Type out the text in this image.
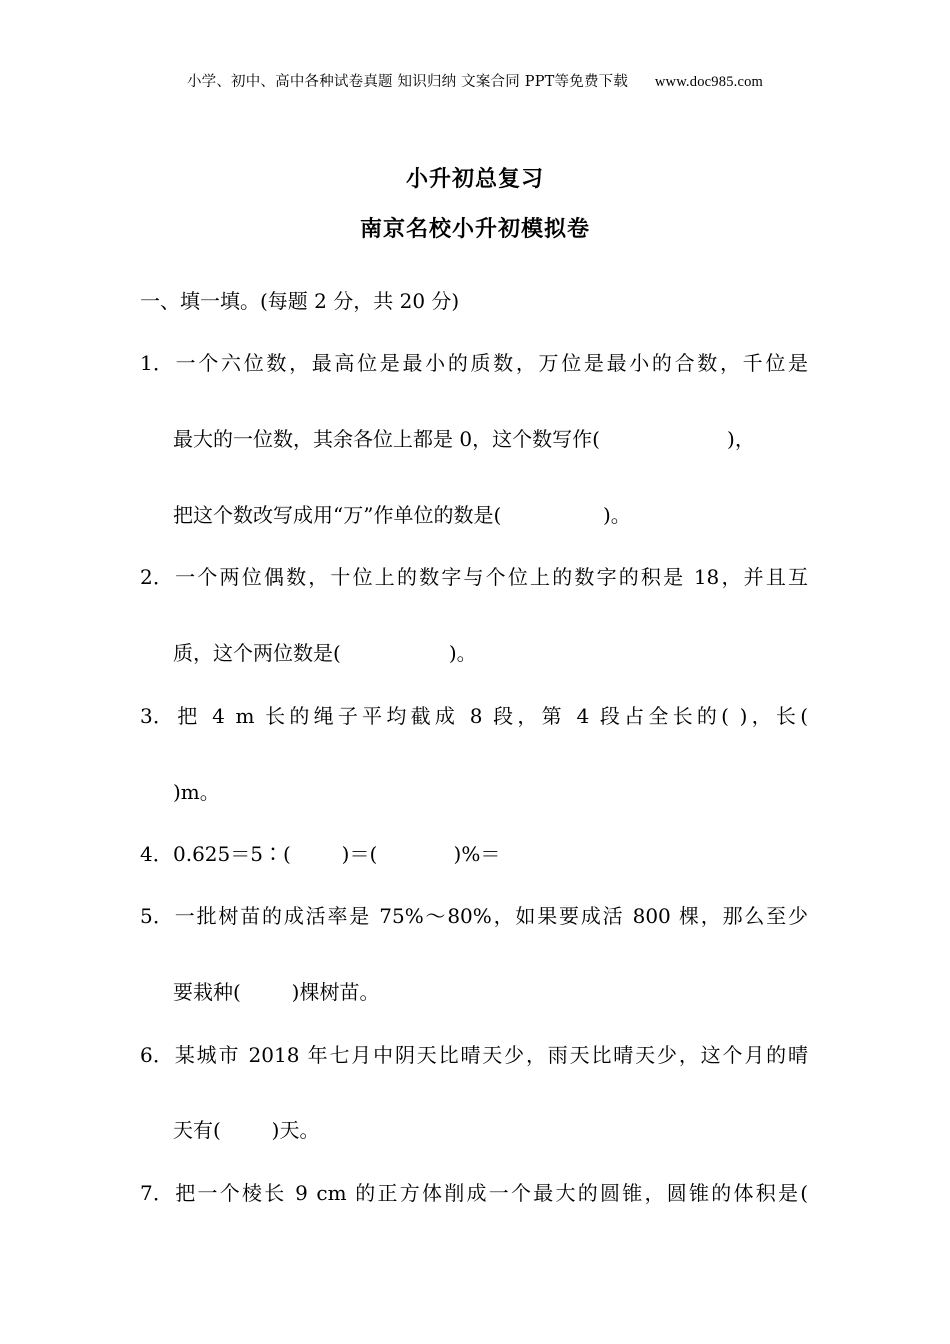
小学、初中、高中各种试卷真题 知识归纳 文案合同 PPT等免费下载 www.doc985.com
小升初总复习
南京名校小升初模拟卷
一、填一填。(每题 2 分，共 20 分)
1．一个六位数，最高位是最小的质数，万位是最小的合数，千位是
最大的一位数，其余各位上都是 0，这个数写作(                    )，
把这个数改写成用“万”作单位的数是(                )。
2．一个两位偶数，十位上的数字与个位上的数字的积是 18，并且互
质，这个两位数是(                 )。
3．把 4 m 长的绳子平均截成 8 段，第 4 段占全长的( )，长(
)m。
4．0.625＝5∶(        )＝(            )%＝
5．一批树苗的成活率是 75%～80%，如果要成活 800 棵，那么至少
要栽种(        )棵树苗。
6．某城市 2018 年七月中阴天比晴天少，雨天比晴天少，这个月的晴
天有(        )天。
7．把一个棱长 9 cm 的正方体削成一个最大的圆锥，圆锥的体积是(
